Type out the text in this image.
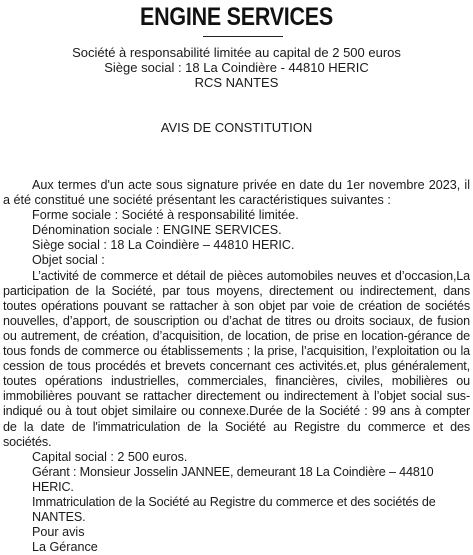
ENGINE SERVICES
Société à responsabilité limitée au capital de 2 500 euros
Siège social : 18 La Coindière - 44810 HERIC
RCS NANTES
AVIS DE CONSTITUTION

Aux termes d'un acte sous signature privée en date du 1er novembre 2023, il a été constitué une société présentant les caractéristiques suivantes :

Forme sociale : Société à responsabilité limitée.

Dénomination sociale : ENGINE SERVICES.

Siège social : 18 La Coindière – 44810 HERIC.

Objet social :

L’activité de commerce et détail de pièces automobiles neuves et d’occasion,La participation de la Société, par tous moyens, directement ou indirectement, dans toutes opérations pouvant se rattacher à son objet par voie de création de sociétés nouvelles, d’apport, de souscription ou d’achat de titres ou droits sociaux, de fusion ou autrement, de création, d’acquisition, de location, de prise en location-gérance de tous fonds de commerce ou établissements ; la prise, l’acquisition, l’exploitation ou la cession de tous procédés et brevets concernant ces activités.et, plus généralement, toutes opérations industrielles, commerciales, financières, civiles, mobilières ou immobilières pouvant se rattacher directement ou indirectement à l’objet social sus-indiqué ou à tout objet similaire ou connexe.Durée de la Société : 99 ans à compter de la date de l'immatriculation de la Société au Registre du commerce et des sociétés.

Capital social : 2 500 euros.

Gérant : Monsieur Josselin JANNEE, demeurant 18 La Coindière – 44810 HERIC.

Immatriculation de la Société au Registre du commerce et des sociétés de NANTES.

Pour avis

La Gérance
